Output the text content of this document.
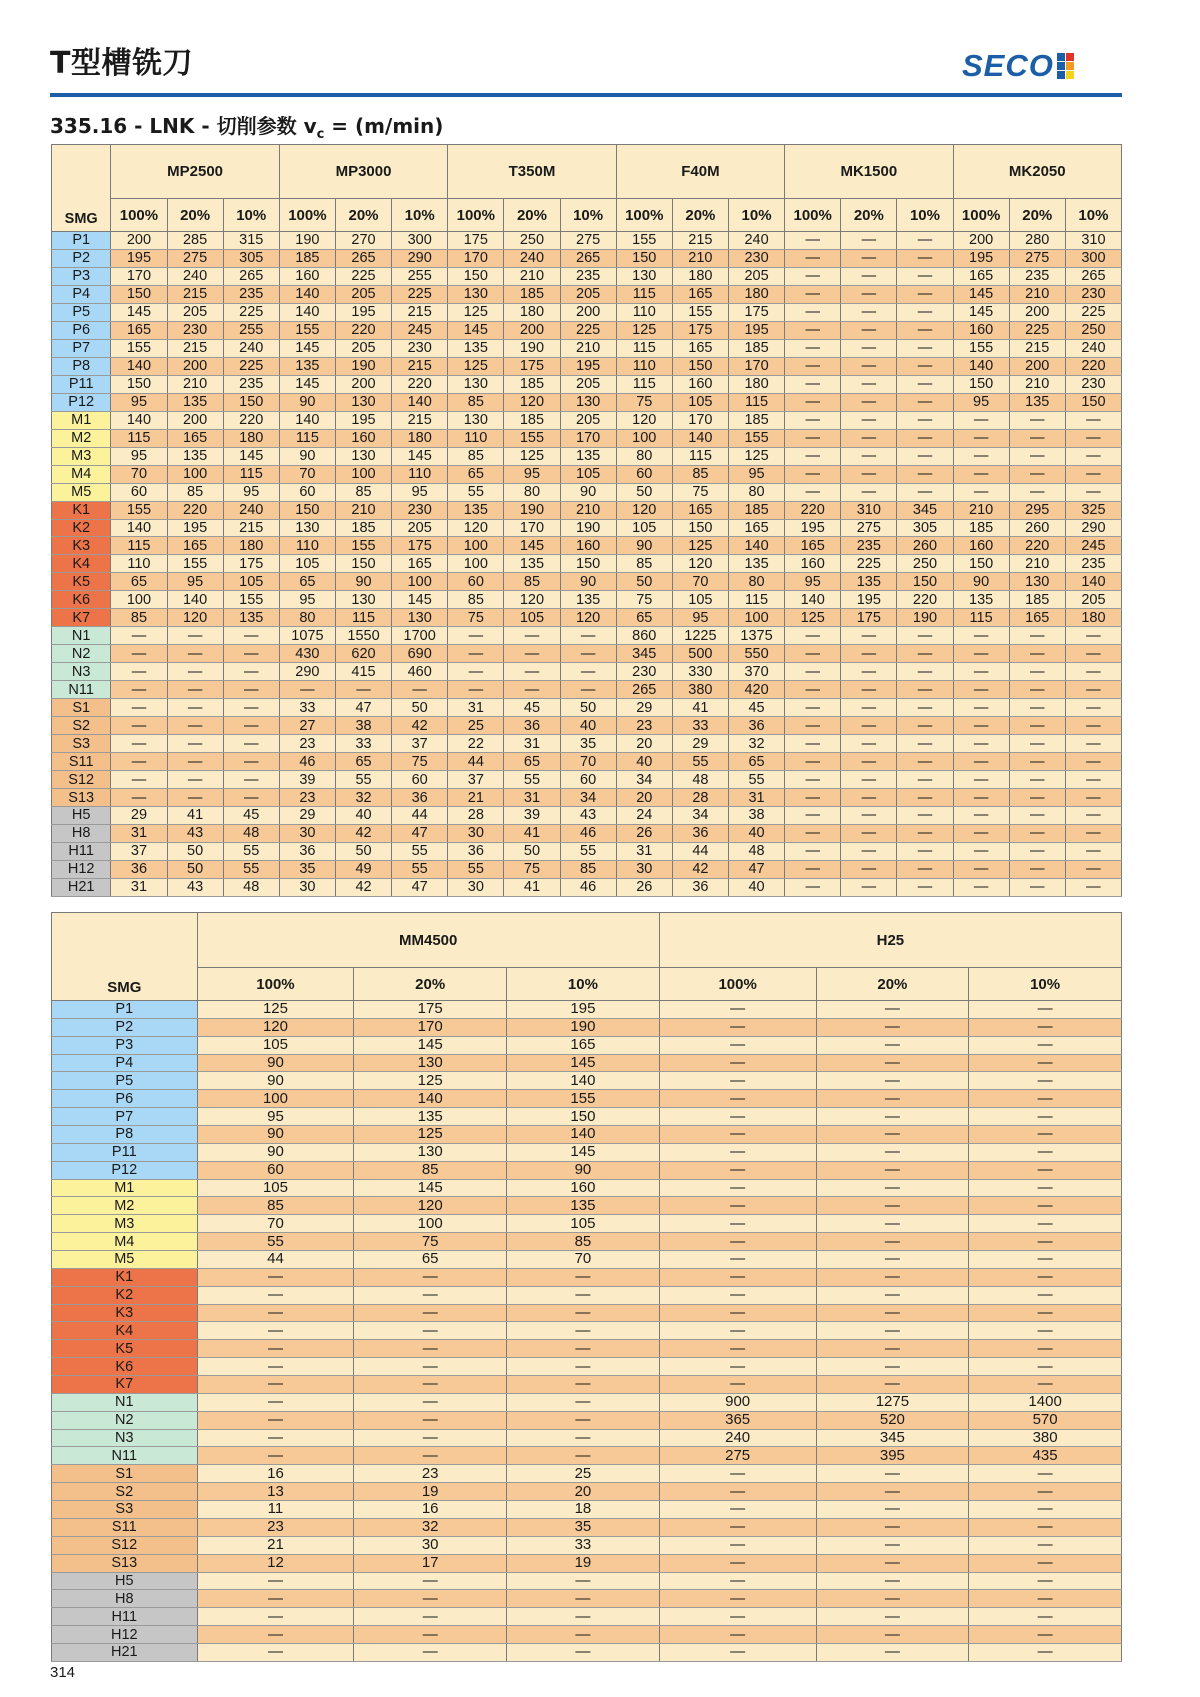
T型槽铣刀	SECO
335.16 - LNK - 切削参数 $v_c = (m/\min)$
SMG	MP2500			MP3000			T350M			F40M			MK1500			MK2050		
	100%	20%	10%	100%	20%	10%	100%	20%	10%	100%	20%	10%	100%	20%	10%	100%	20%	10%
P1	200	285	315	190	270	300	175	250	275	155	215	240	—	—	—	200	280	310
P2	195	275	305	185	265	290	170	240	265	150	210	230	—	—	—	195	275	300
P3	170	240	265	160	225	255	150	210	235	130	180	205	—	—	—	165	235	265
P4	150	215	235	140	205	225	130	185	205	115	165	180	—	—	—	145	210	230
P5	145	205	225	140	195	215	125	180	200	110	155	175	—	—	—	145	200	225
P6	165	230	255	155	220	245	145	200	225	125	175	195	—	—	—	160	225	250
P7	155	215	240	145	205	230	135	190	210	115	165	185	—	—	—	155	215	240
P8	140	200	225	135	190	215	125	175	195	110	150	170	—	—	—	140	200	220
P11	150	210	235	145	200	220	130	185	205	115	160	180	—	—	—	150	210	230
P12	95	135	150	90	130	140	85	120	130	75	105	115	—	—	—	95	135	150
M1	140	200	220	140	195	215	130	185	205	120	170	185	—	—	—	—	—	—
M2	115	165	180	115	160	180	110	155	170	100	140	155	—	—	—	—	—	—
M3	95	135	145	90	130	145	85	125	135	80	115	125	—	—	—	—	—	—
M4	70	100	115	70	100	110	65	95	105	60	85	95	—	—	—	—	—	—
M5	60	85	95	60	85	95	55	80	90	50	75	80	—	—	—	—	—	—
K1	155	220	240	150	210	230	135	190	210	120	165	185	220	310	345	210	295	325
K2	140	195	215	130	185	205	120	170	190	105	150	165	195	275	305	185	260	290
K3	115	165	180	110	155	175	100	145	160	90	125	140	165	235	260	160	220	245
K4	110	155	175	105	150	165	100	135	150	85	120	135	160	225	250	150	210	235
K5	65	95	105	65	90	100	60	85	90	50	70	80	95	135	150	90	130	140
K6	100	140	155	95	130	145	85	120	135	75	105	115	140	195	220	135	185	205
K7	85	120	135	80	115	130	75	105	120	65	95	100	125	175	190	115	165	180
N1	—	—	—	1075	1550	1700	—	—	—	860	1225	1375	—	—	—	—	—	—
N2	—	—	—	430	620	690	—	—	—	345	500	550	—	—	—	—	—	—
N3	—	—	—	290	415	460	—	—	—	230	330	370	—	—	—	—	—	—
N11	—	—	—	—	—	—	—	—	—	265	380	420	—	—	—	—	—	—
S1	—	—	—	33	47	50	31	45	50	29	41	45	—	—	—	—	—	—
S2	—	—	—	27	38	42	25	36	40	23	33	36	—	—	—	—	—	—
S3	—	—	—	23	33	37	22	31	35	20	29	32	—	—	—	—	—	—
S11	—	—	—	46	65	75	44	65	70	40	55	65	—	—	—	—	—	—
S12	—	—	—	39	55	60	37	55	60	34	48	55	—	—	—	—	—	—
S13	—	—	—	23	32	36	21	31	34	20	28	31	—	—	—	—	—	—
H5	29	41	45	29	40	44	28	39	43	24	34	38	—	—	—	—	—	—
H8	31	43	48	30	42	47	30	41	46	26	36	40	—	—	—	—	—	—
H11	37	50	55	36	50	55	36	50	55	31	44	48	—	—	—	—	—	—
H12	36	50	55	35	49	55	55	75	85	30	42	47	—	—	—	—	—	—
H21	31	43	48	30	42	47	30	41	46	26	36	40	—	—	—	—	—	—
SMG	MM4500			H25		
	100%	20%	10%	100%	20%	10%
P1	125	175	195	—	—	—
P2	120	170	190	—	—	—
P3	105	145	165	—	—	—
P4	90	130	145	—	—	—
P5	90	125	140	—	—	—
P6	100	140	155	—	—	—
P7	95	135	150	—	—	—
P8	90	125	140	—	—	—
P11	90	130	145	—	—	—
P12	60	85	90	—	—	—
M1	105	145	160	—	—	—
M2	85	120	135	—	—	—
M3	70	100	105	—	—	—
M4	55	75	85	—	—	—
M5	44	65	70	—	—	—
K1	—	—	—	—	—	—
K2	—	—	—	—	—	—
K3	—	—	—	—	—	—
K4	—	—	—	—	—	—
K5	—	—	—	—	—	—
K6	—	—	—	—	—	—
K7	—	—	—	—	—	—
N1	—	—	—	900	1275	1400
N2	—	—	—	365	520	570
N3	—	—	—	240	345	380
N11	—	—	—	275	395	435
S1	16	23	25	—	—	—
S2	13	19	20	—	—	—
S3	11	16	18	—	—	—
S11	23	32	35	—	—	—
S12	21	30	33	—	—	—
S13	12	17	19	—	—	—
H5	—	—	—	—	—	—
H8	—	—	—	—	—	—
H11	—	—	—	—	—	—
H12	—	—	—	—	—	—
H21	—	—	—	—	—	—
314
